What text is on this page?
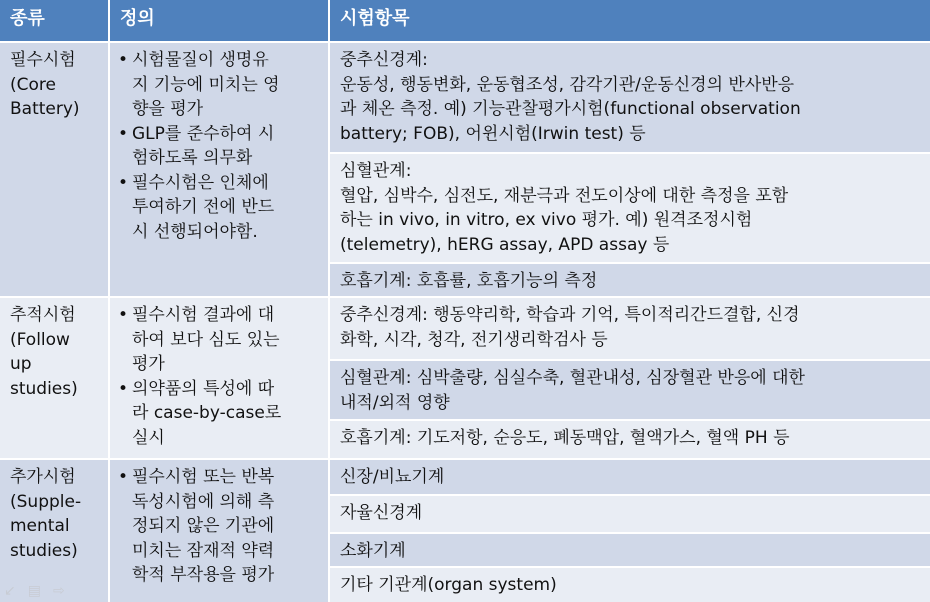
종류	정의	시험항목
필수시험
(Core
Battery)
• 시험물질이 생명유
지 기능에 미치는 영
향을 평가
• GLP를 준수하여 시
험하도록 의무화
• 필수시험은 인체에
투여하기 전에 반드
시 선행되어야함.
중추신경계:
운동성, 행동변화, 운동협조성, 감각기관/운동신경의 반사반응
과 체온 측정. 예) 기능관찰평가시험(functional observation
battery; FOB), 어윈시험(Irwin test) 등
심혈관계:
혈압, 심박수, 심전도, 재분극과 전도이상에 대한 측정을 포함
하는 in vivo, in vitro, ex vivo 평가. 예) 원격조정시험
(telemetry), hERG assay, APD assay 등
호흡기계: 호흡률, 호흡기능의 측정
추적시험
(Follow
up
studies)
• 필수시험 결과에 대
하여 보다 심도 있는
평가
• 의약품의 특성에 따
라 case-by-case로
실시
중추신경계: 행동약리학, 학습과 기억, 특이적리간드결합, 신경
화학, 시각, 청각, 전기생리학검사 등
심혈관계: 심박출량, 심실수축, 혈관내성, 심장혈관 반응에 대한
내적/외적 영향
호흡기계: 기도저항, 순응도, 폐동맥압, 혈액가스, 혈액 PH 등
추가시험
(Supple-
mental
studies)
• 필수시험 또는 반복
독성시험에 의해 측
정되지 않은 기관에
미치는 잠재적 약력
학적 부작용을 평가
신장/비뇨기계
자율신경계
소화기계
기타 기관계(organ system)
↙ ▤ ⇨
